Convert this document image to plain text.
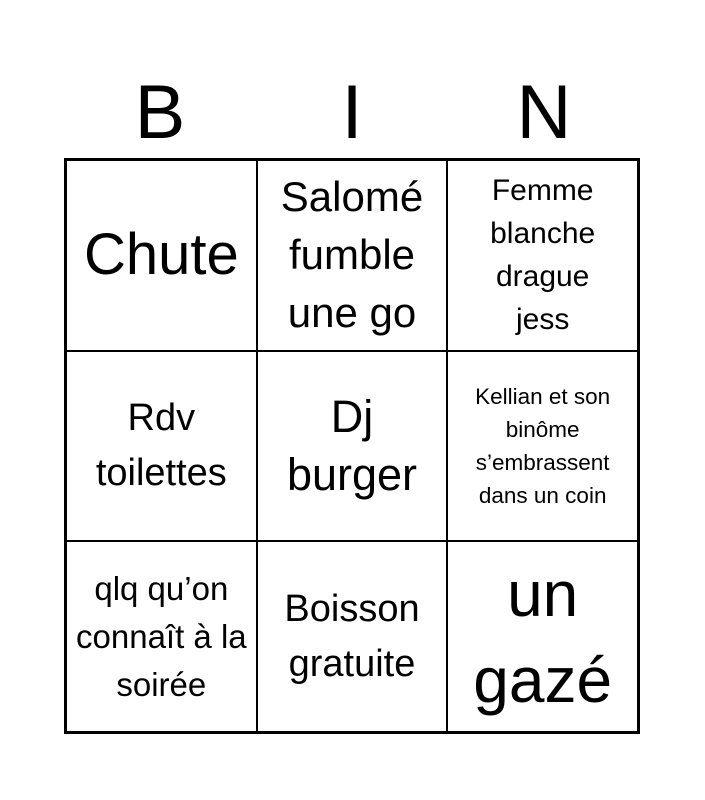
B	I	N
Chute
Salomé fumble une go
Femme blanche drague jess
Rdv toilettes
Dj burger
Kellian et son binôme s’embrassent dans un coin
qlq qu’on connaît à la soirée
Boisson gratuite
un gazé
